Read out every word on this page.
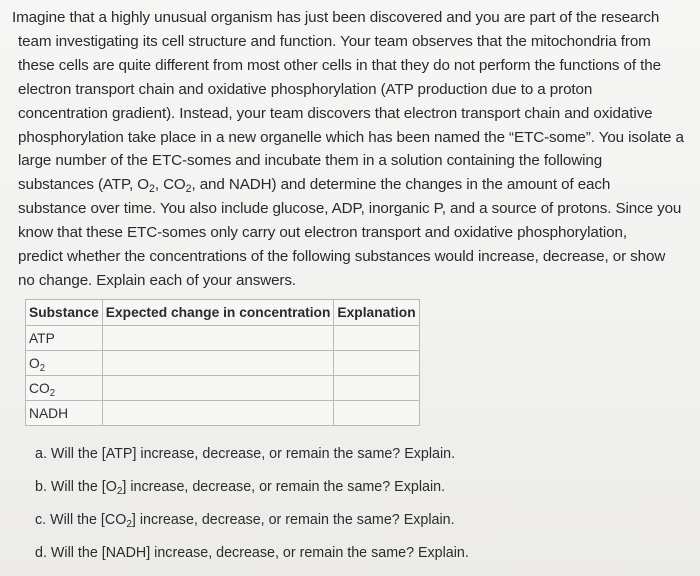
Imagine that a highly unusual organism has just been discovered and you are part of the research
team investigating its cell structure and function. Your team observes that the mitochondria from
these cells are quite different from most other cells in that they do not perform the functions of the
electron transport chain and oxidative phosphorylation (ATP production due to a proton
concentration gradient). Instead, your team discovers that electron transport chain and oxidative
phosphorylation take place in a new organelle which has been named the “ETC-some”. You isolate a
large number of the ETC-somes and incubate them in a solution containing the following
substances (ATP, $O_2$, $CO_2$, and NADH) and determine the changes in the amount of each
substance over time. You also include glucose, ADP, inorganic P, and a source of protons. Since you
know that these ETC-somes only carry out electron transport and oxidative phosphorylation,
predict whether the concentrations of the following substances would increase, decrease, or show
no change. Explain each of your answers.
Substance	Expected change in concentration	Explanation
ATP		
$O_2$		
$CO_2$		
NADH		
a. Will the [ATP] increase, decrease, or remain the same? Explain.
b. Will the $[O_2]$ increase, decrease, or remain the same? Explain.
c. Will the $[CO_2]$ increase, decrease, or remain the same? Explain.
d. Will the [NADH] increase, decrease, or remain the same? Explain.
